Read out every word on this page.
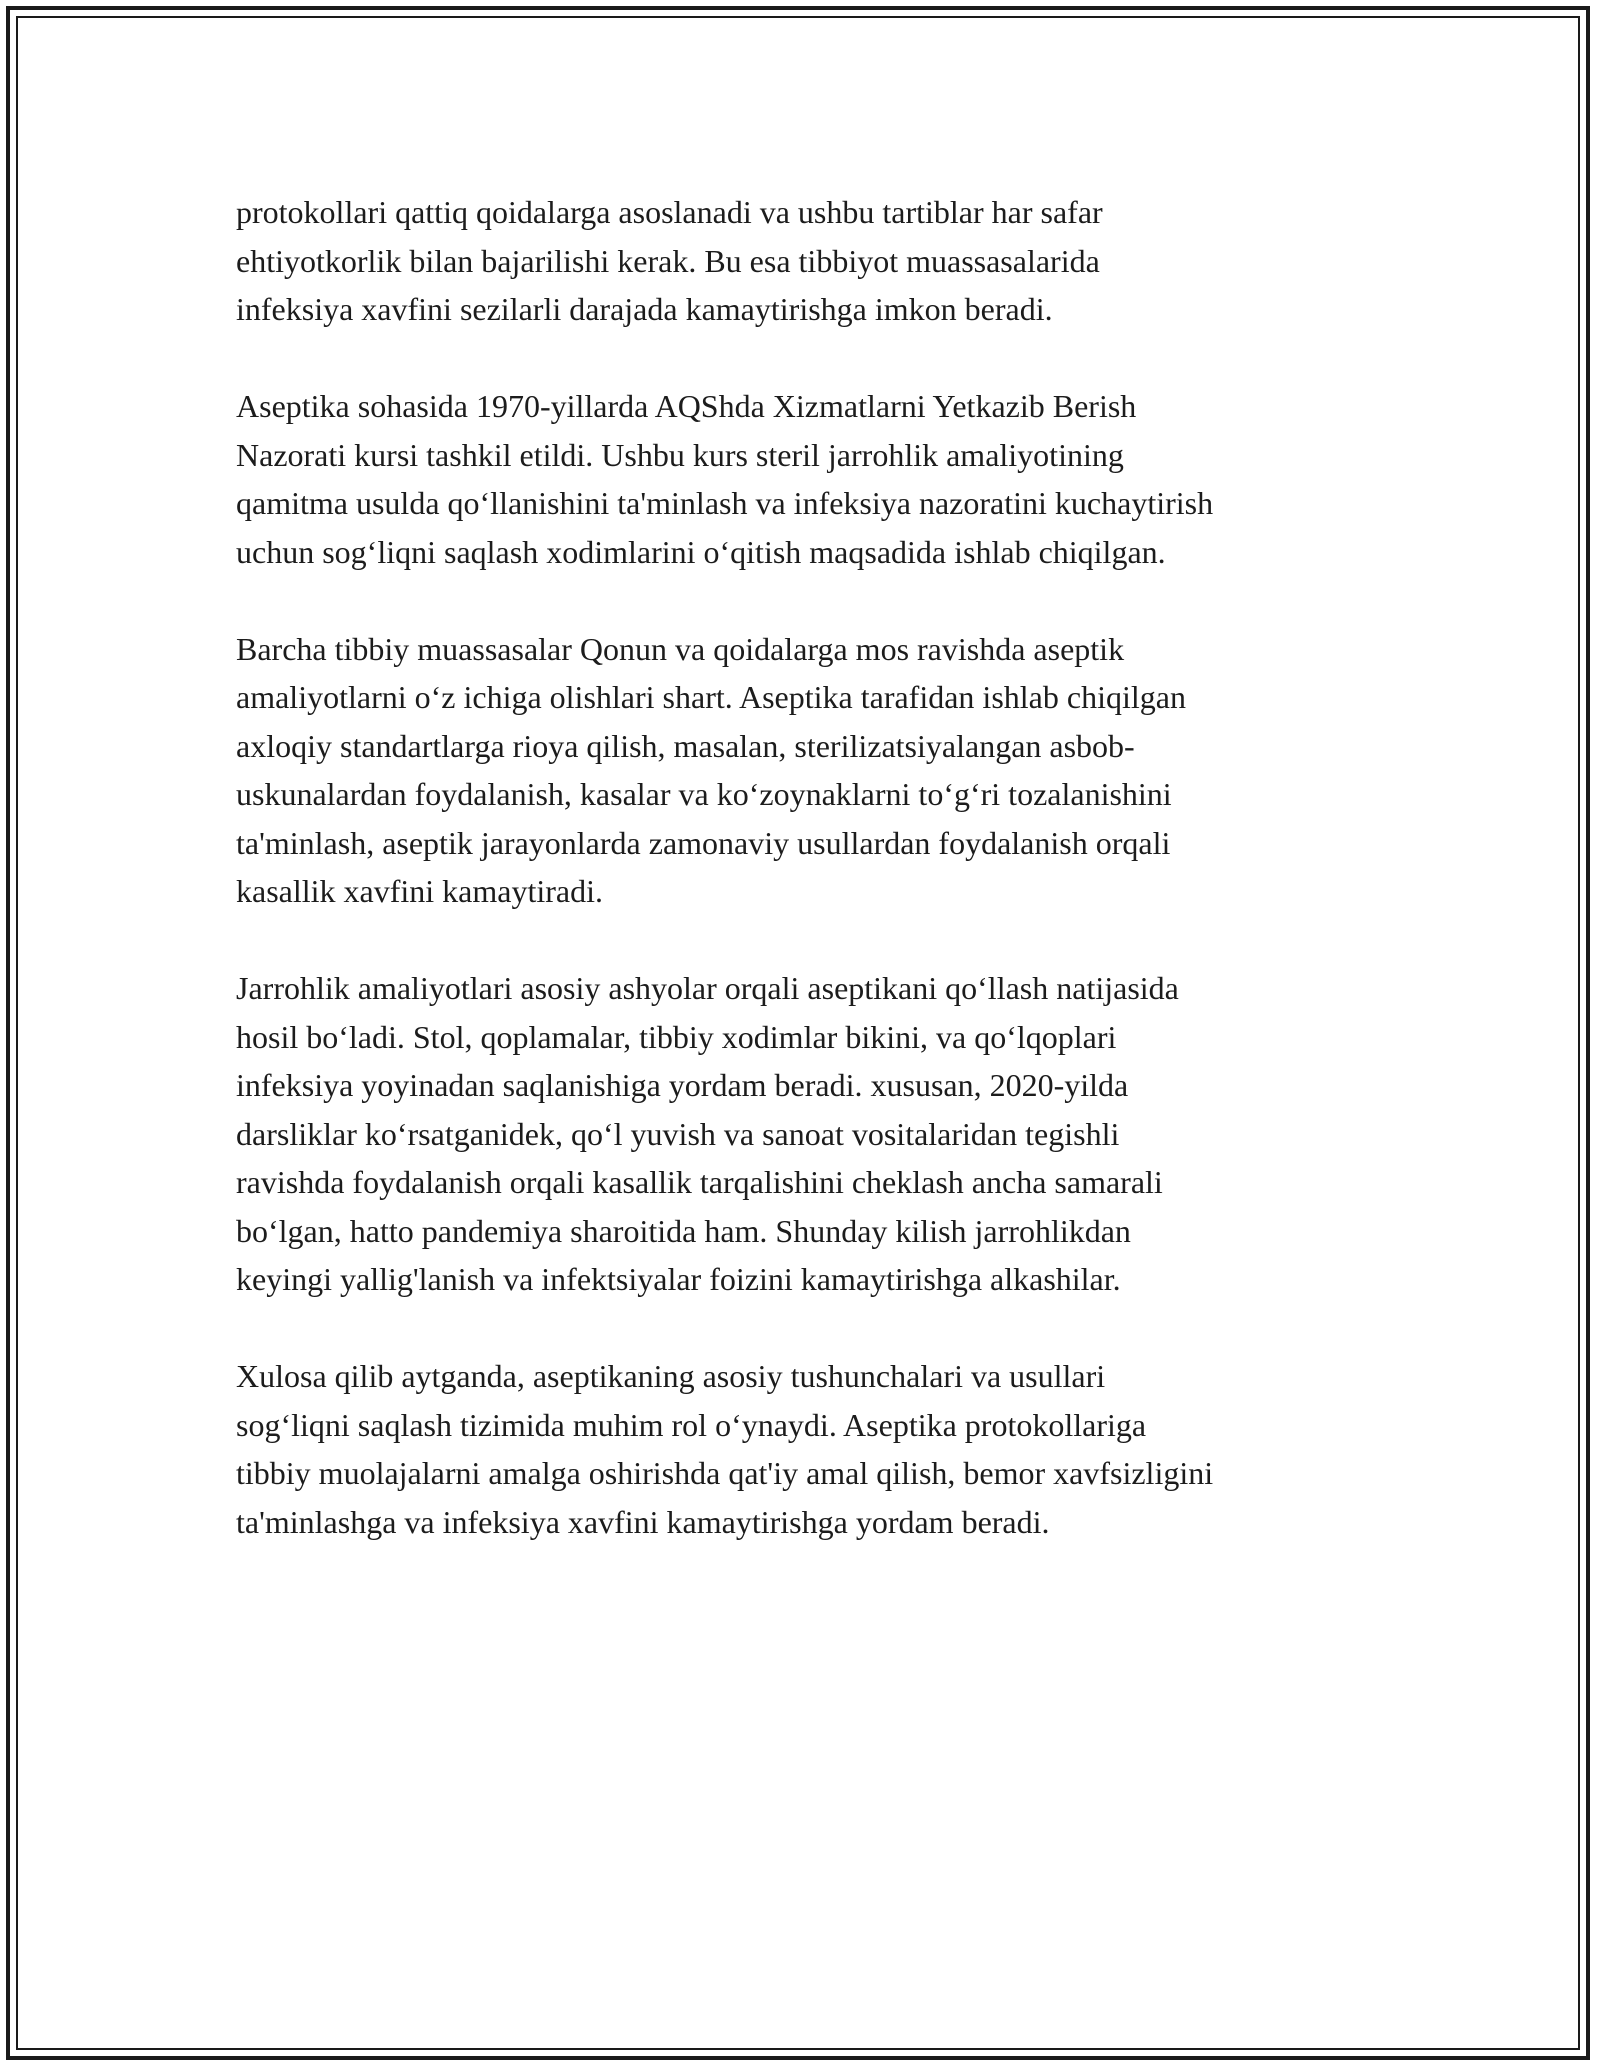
protokollari qattiq qoidalarga asoslanadi va ushbu tartiblar har safar
ehtiyotkorlik bilan bajarilishi kerak. Bu esa tibbiyot muassasalarida
infeksiya xavfini sezilarli darajada kamaytirishga imkon beradi.

Aseptika sohasida 1970-yillarda AQShda Xizmatlarni Yetkazib Berish
Nazorati kursi tashkil etildi. Ushbu kurs steril jarrohlik amaliyotining
qamitma usulda qo‘llanishini ta'minlash va infeksiya nazoratini kuchaytirish
uchun sog‘liqni saqlash xodimlarini o‘qitish maqsadida ishlab chiqilgan.

Barcha tibbiy muassasalar Qonun va qoidalarga mos ravishda aseptik
amaliyotlarni o‘z ichiga olishlari shart. Aseptika tarafidan ishlab chiqilgan
axloqiy standartlarga rioya qilish, masalan, sterilizatsiyalangan asbob-
uskunalardan foydalanish, kasalar va ko‘zoynaklarni to‘g‘ri tozalanishini
ta'minlash, aseptik jarayonlarda zamonaviy usullardan foydalanish orqali
kasallik xavfini kamaytiradi.

Jarrohlik amaliyotlari asosiy ashyolar orqali aseptikani qo‘llash natijasida
hosil bo‘ladi. Stol, qoplamalar, tibbiy xodimlar bikini, va qo‘lqoplari
infeksiya yoyinadan saqlanishiga yordam beradi. xususan, 2020-yilda
darsliklar ko‘rsatganidek, qo‘l yuvish va sanoat vositalaridan tegishli
ravishda foydalanish orqali kasallik tarqalishini cheklash ancha samarali
bo‘lgan, hatto pandemiya sharoitida ham. Shunday kilish jarrohlikdan
keyingi yallig'lanish va infektsiyalar foizini kamaytirishga alkashilar.

Xulosa qilib aytganda, aseptikaning asosiy tushunchalari va usullari
sog‘liqni saqlash tizimida muhim rol o‘ynaydi. Aseptika protokollariga
tibbiy muolajalarni amalga oshirishda qat'iy amal qilish, bemor xavfsizligini
ta'minlashga va infeksiya xavfini kamaytirishga yordam beradi.
